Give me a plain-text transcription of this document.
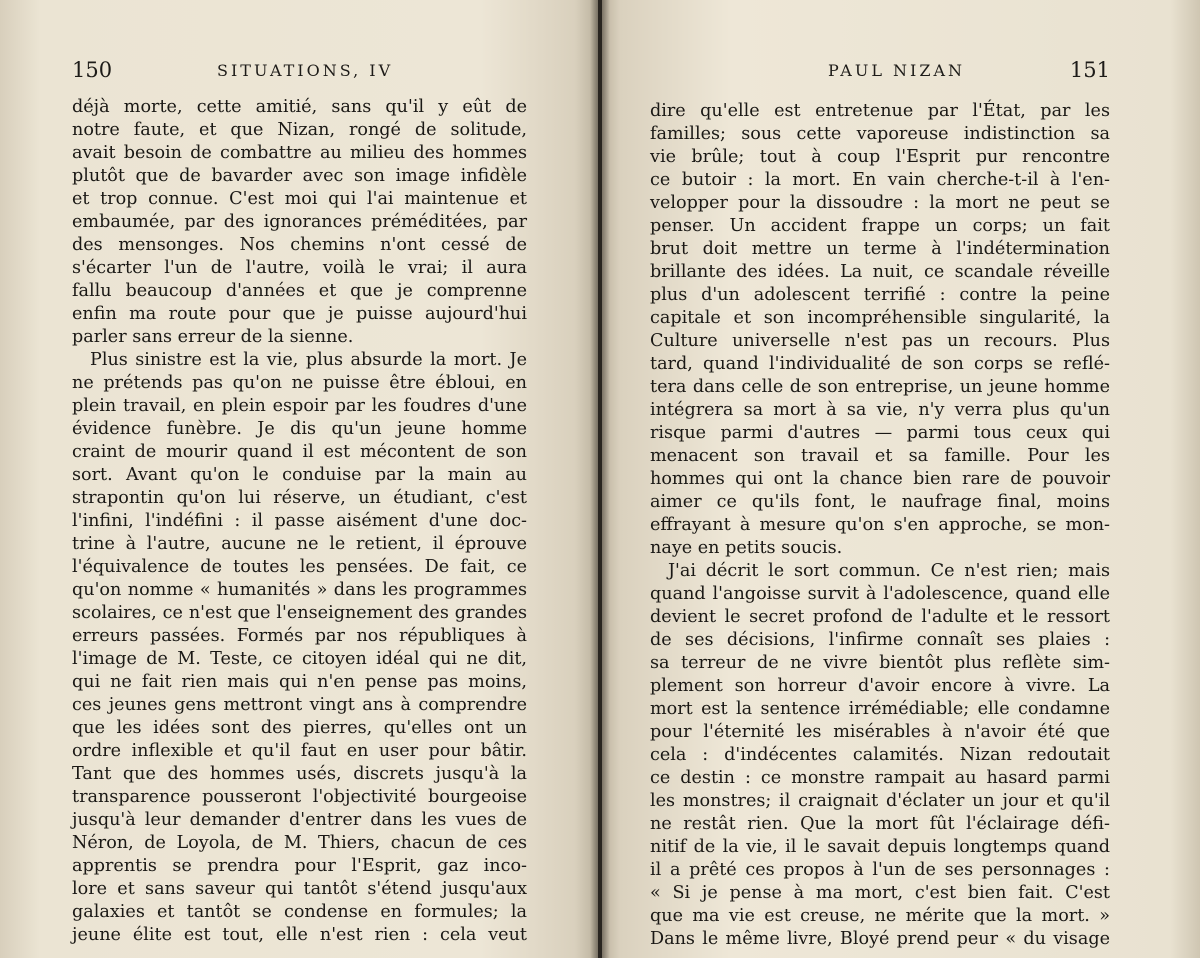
150	SITUATIONS, IV
déjà morte, cette amitié, sans qu'il y eût de
notre faute, et que Nizan, rongé de solitude,
avait besoin de combattre au milieu des hommes
plutôt que de bavarder avec son image infidèle
et trop connue. C'est moi qui l'ai maintenue et
embaumée, par des ignorances préméditées, par
des mensonges. Nos chemins n'ont cessé de
s'écarter l'un de l'autre, voilà le vrai; il aura
fallu beaucoup d'années et que je comprenne
enfin ma route pour que je puisse aujourd'hui
parler sans erreur de la sienne.
Plus sinistre est la vie, plus absurde la mort. Je
ne prétends pas qu'on ne puisse être ébloui, en
plein travail, en plein espoir par les foudres d'une
évidence funèbre. Je dis qu'un jeune homme
craint de mourir quand il est mécontent de son
sort. Avant qu'on le conduise par la main au
strapontin qu'on lui réserve, un étudiant, c'est
l'infini, l'indéfini : il passe aisément d'une doc-
trine à l'autre, aucune ne le retient, il éprouve
l'équivalence de toutes les pensées. De fait, ce
qu'on nomme « humanités » dans les programmes
scolaires, ce n'est que l'enseignement des grandes
erreurs passées. Formés par nos républiques à
l'image de M. Teste, ce citoyen idéal qui ne dit,
qui ne fait rien mais qui n'en pense pas moins,
ces jeunes gens mettront vingt ans à comprendre
que les idées sont des pierres, qu'elles ont un
ordre inflexible et qu'il faut en user pour bâtir.
Tant que des hommes usés, discrets jusqu'à la
transparence pousseront l'objectivité bourgeoise
jusqu'à leur demander d'entrer dans les vues de
Néron, de Loyola, de M. Thiers, chacun de ces
apprentis se prendra pour l'Esprit, gaz inco-
lore et sans saveur qui tantôt s'étend jusqu'aux
galaxies et tantôt se condense en formules; la
jeune élite est tout, elle n'est rien : cela veut
PAUL NIZAN	151
dire qu'elle est entretenue par l'État, par les
familles; sous cette vaporeuse indistinction sa
vie brûle; tout à coup l'Esprit pur rencontre
ce butoir : la mort. En vain cherche-t-il à l'en-
velopper pour la dissoudre : la mort ne peut se
penser. Un accident frappe un corps; un fait
brut doit mettre un terme à l'indétermination
brillante des idées. La nuit, ce scandale réveille
plus d'un adolescent terrifié : contre la peine
capitale et son incompréhensible singularité, la
Culture universelle n'est pas un recours. Plus
tard, quand l'individualité de son corps se reflé-
tera dans celle de son entreprise, un jeune homme
intégrera sa mort à sa vie, n'y verra plus qu'un
risque parmi d'autres — parmi tous ceux qui
menacent son travail et sa famille. Pour les
hommes qui ont la chance bien rare de pouvoir
aimer ce qu'ils font, le naufrage final, moins
effrayant à mesure qu'on s'en approche, se mon-
naye en petits soucis.
J'ai décrit le sort commun. Ce n'est rien; mais
quand l'angoisse survit à l'adolescence, quand elle
devient le secret profond de l'adulte et le ressort
de ses décisions, l'infirme connaît ses plaies :
sa terreur de ne vivre bientôt plus reflète sim-
plement son horreur d'avoir encore à vivre. La
mort est la sentence irrémédiable; elle condamne
pour l'éternité les misérables à n'avoir été que
cela : d'indécentes calamités. Nizan redoutait
ce destin : ce monstre rampait au hasard parmi
les monstres; il craignait d'éclater un jour et qu'il
ne restât rien. Que la mort fût l'éclairage défi-
nitif de la vie, il le savait depuis longtemps quand
il a prêté ces propos à l'un de ses personnages :
« Si je pense à ma mort, c'est bien fait. C'est
que ma vie est creuse, ne mérite que la mort. »
Dans le même livre, Bloyé prend peur « du visage
